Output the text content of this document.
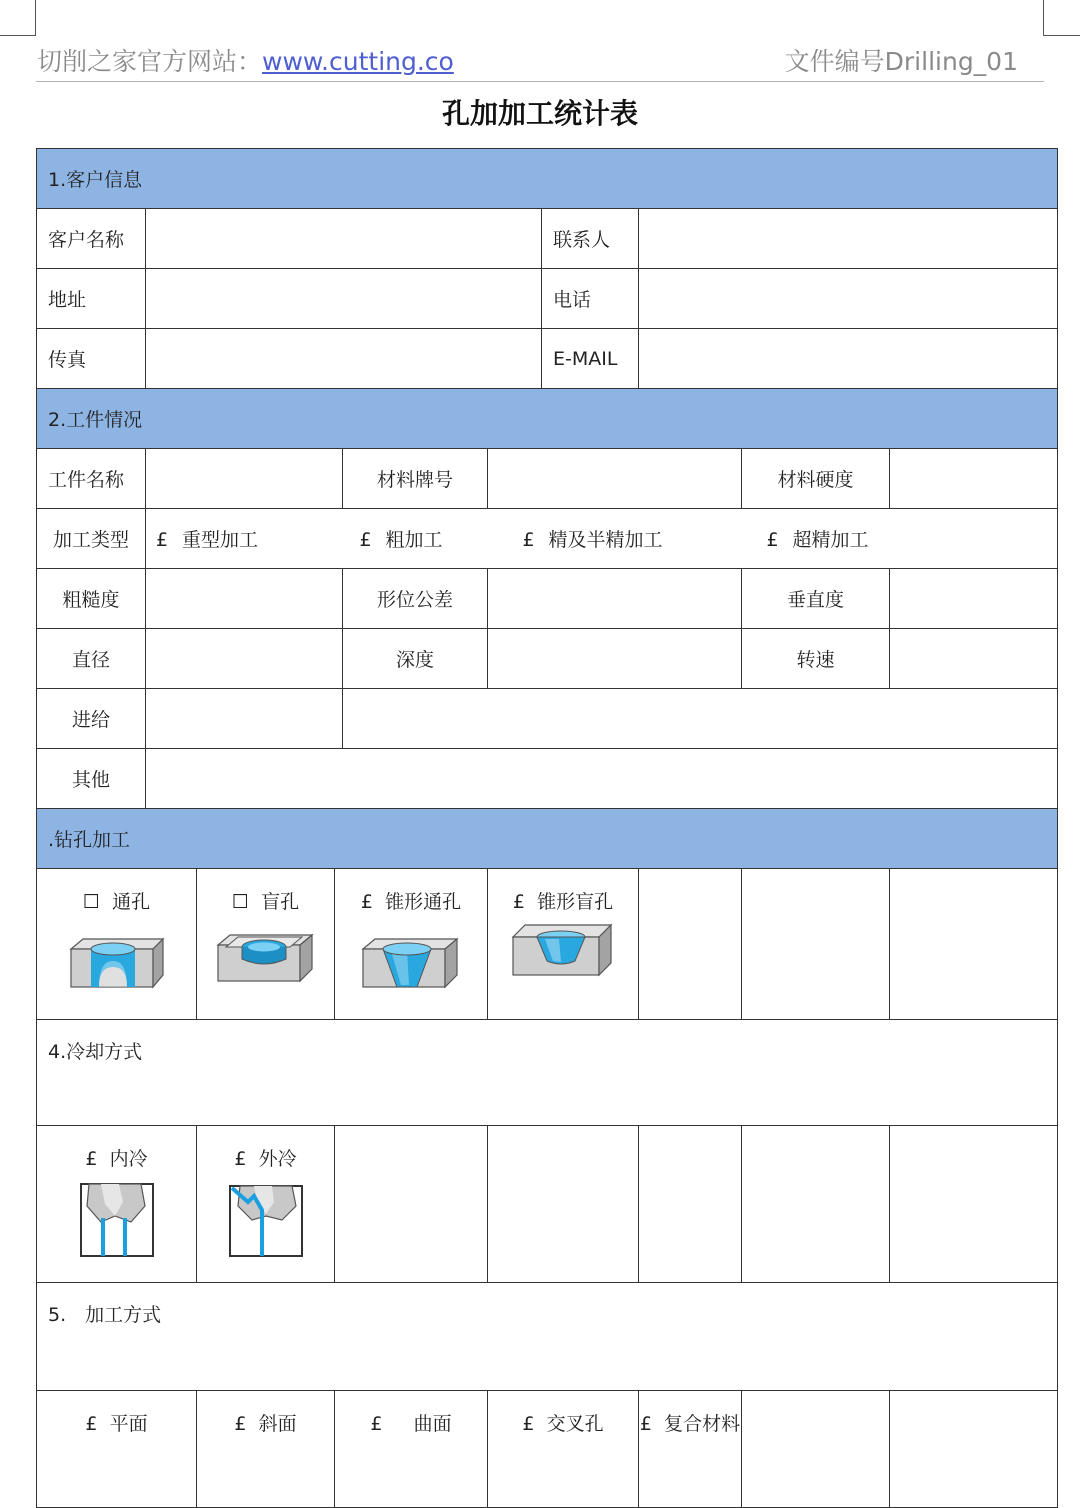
切削之家官方网站：www.cutting.co	文件编号Drilling_01
孔加加工统计表
1.客户信息									
客户名称						联系人			
地址						电话			
传真						E-MAIL			
2.工件情况									
工件名称				材料牌号				材料硬度	
加工类型	£ 重型加工 £ 粗加工 £ 精及半精加工 £ 超精加工								

粗糙度				形位公差				垂直度	
直径				深度				转速	
进给									
其他									
.钻孔加工									

☐ 通孔		☐ 盲孔	£ 锥形通孔		£ 锥形盲孔				

4.冷却方式									

£ 内冷		£ 外冷							

5.　加工方式									
£ 平面		£ 斜面	£  　曲面		£ 交叉孔		£ 复合材料		
